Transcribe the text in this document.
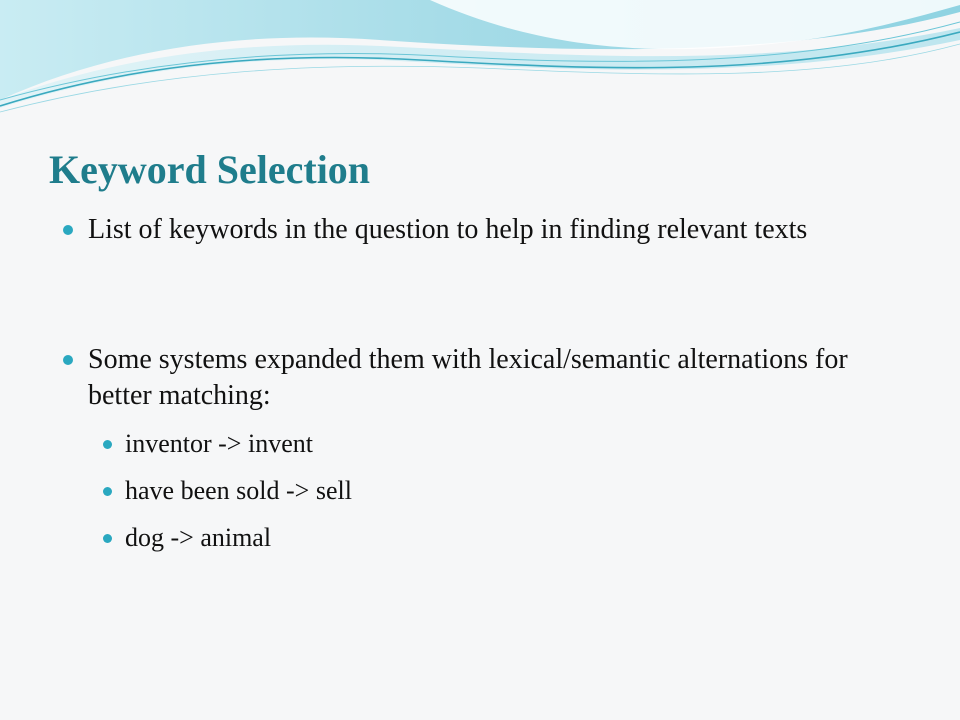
Keyword Selection
List of keywords in the question to help in finding relevant texts
Some systems expanded them with lexical/semantic alternations for better matching:
inventor -> invent
have been sold -> sell
dog -> animal
